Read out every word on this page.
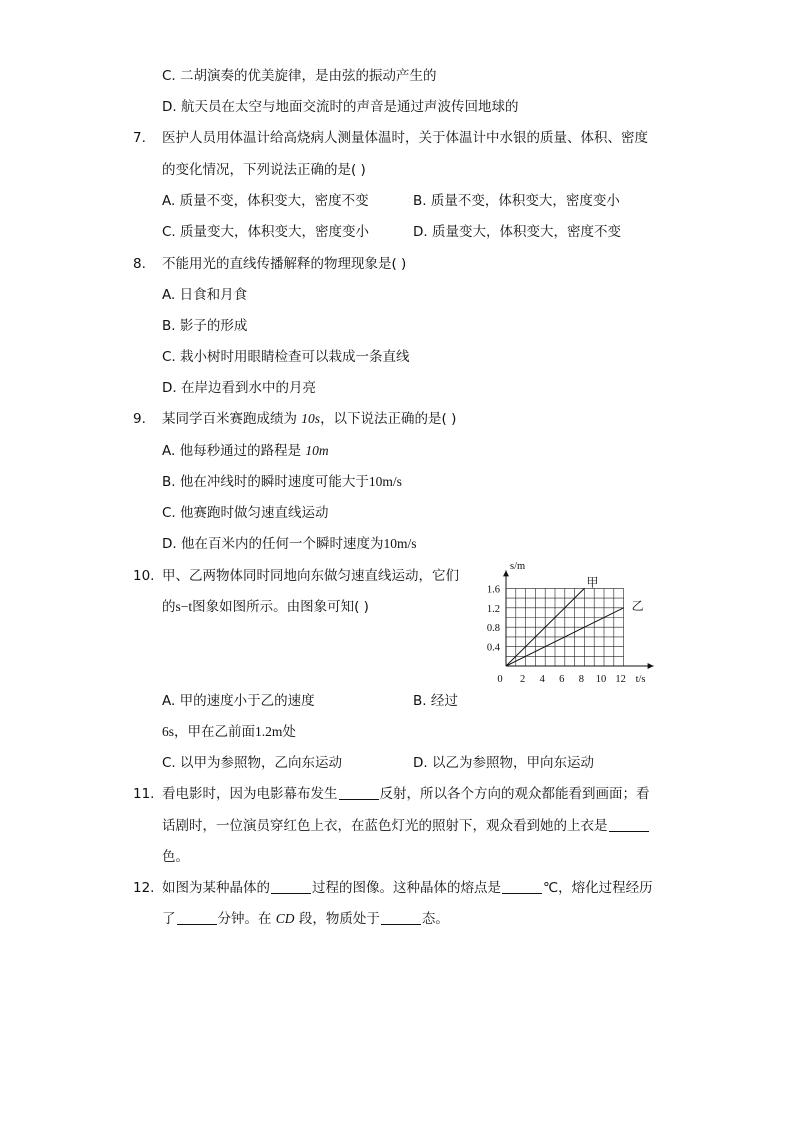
C. 二胡演奏的优美旋律，是由弦的振动产生的
D. 航天员在太空与地面交流时的声音是通过声波传回地球的
7. 医护人员用体温计给高烧病人测量体温时，关于体温计中水银的质量、体积、密度
的变化情况，下列说法正确的是( )
A. 质量不变，体积变大，密度不变	B. 质量不变，体积变大，密度变小
C. 质量变大，体积变大，密度变小	D. 质量变大，体积变大，密度不变
8. 不能用光的直线传播解释的物理现象是( )
A. 日食和月食
B. 影子的形成
C. 栽小树时用眼睛检查可以栽成一条直线
D. 在岸边看到水中的月亮
9. 某同学百米赛跑成绩为 10s，以下说法正确的是( )
A. 他每秒通过的路程是 10m
B. 他在冲线时的瞬时速度可能大于10m/s
C. 他赛跑时做匀速直线运动
D. 他在百米内的任何一个瞬时速度为10m/s
10. 甲、乙两物体同时同地向东做匀速直线运动，它们
的s−t图象如图所示。由图象可知( )
0 2 4 6 8 10 12
0.4
0.8
1.2
1.6
甲
乙
s/m
t/s
A. 甲的速度小于乙的速度	B. 经过
6s，甲在乙前面1.2m处
C. 以甲为参照物，乙向东运动	D. 以乙为参照物，甲向东运动
11. 看电影时，因为电影幕布发生	反射，所以各个方向的观众都能看到画面；看
话剧时，一位演员穿红色上衣，在蓝色灯光的照射下，观众看到她的上衣是
色。
12. 如图为某种晶体的	过程的图像。这种晶体的熔点是	℃，熔化过程经历
了	分钟。在 CD 段，物质处于	态。
